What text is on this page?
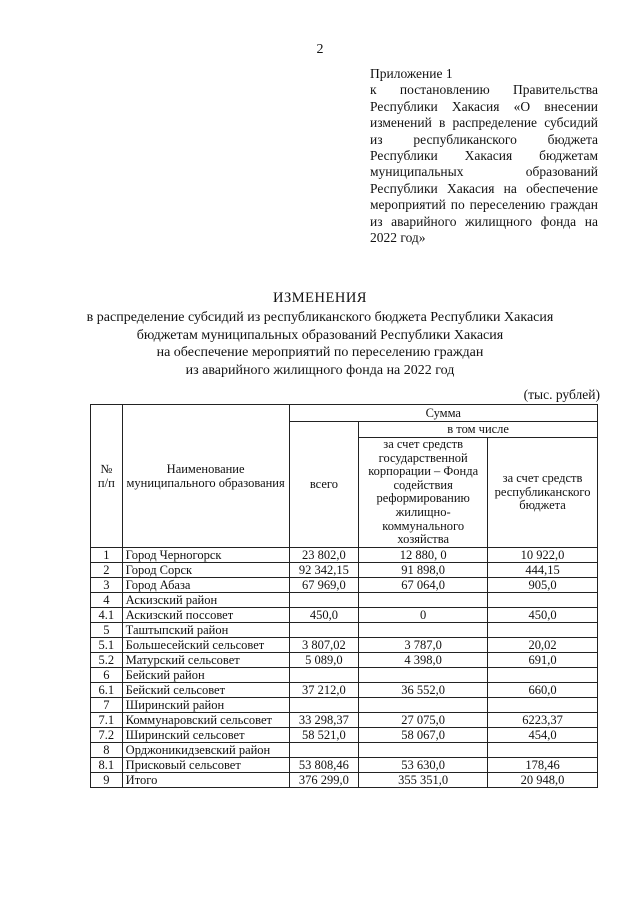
2
Приложение 1
к постановлению Правительства Республики Хакасия «О внесении изменений в распределение субсидий из республиканского бюджета Республики Хакасия бюджетам муниципальных образований Республики Хакасия на обеспечение мероприятий по переселению граждан из аварийного жилищного фонда на 2022 год»
ИЗМЕНЕНИЯ
в распределение субсидий из республиканского бюджета Республики Хакасия
бюджетам муниципальных образований Республики Хакасия
на обеспечение мероприятий по переселению граждан
из аварийного жилищного фонда на 2022 год
(тыс. рублей)
№ п/п	Наименование муниципального образования	Сумма		
		всего	в том числе	
			за счет средств государственной корпорации – Фонда содействия реформированию жилищно-коммунального хозяйства	за счет средств республиканского бюджета
1	Город Черногорск	23 802,0	12 880, 0	10 922,0
2	Город Сорск	92 342,15	91 898,0	444,15
3	Город Абаза	67 969,0	67 064,0	905,0
4	Аскизский район			
4.1	Аскизский поссовет	450,0	0	450,0
5	Таштыпский район			
5.1	Большесейский сельсовет	3 807,02	3 787,0	20,02
5.2	Матурский сельсовет	5 089,0	4 398,0	691,0
6	Бейский район			
6.1	Бейский сельсовет	37 212,0	36 552,0	660,0
7	Ширинский район			
7.1	Коммунаровский сельсовет	33 298,37	27 075,0	6223,37
7.2	Ширинский сельсовет	58 521,0	58 067,0	454,0
8	Орджоникидзевский район			
8.1	Присковый сельсовет	53 808,46	53 630,0	178,46
9	Итого	376 299,0	355 351,0	20 948,0
